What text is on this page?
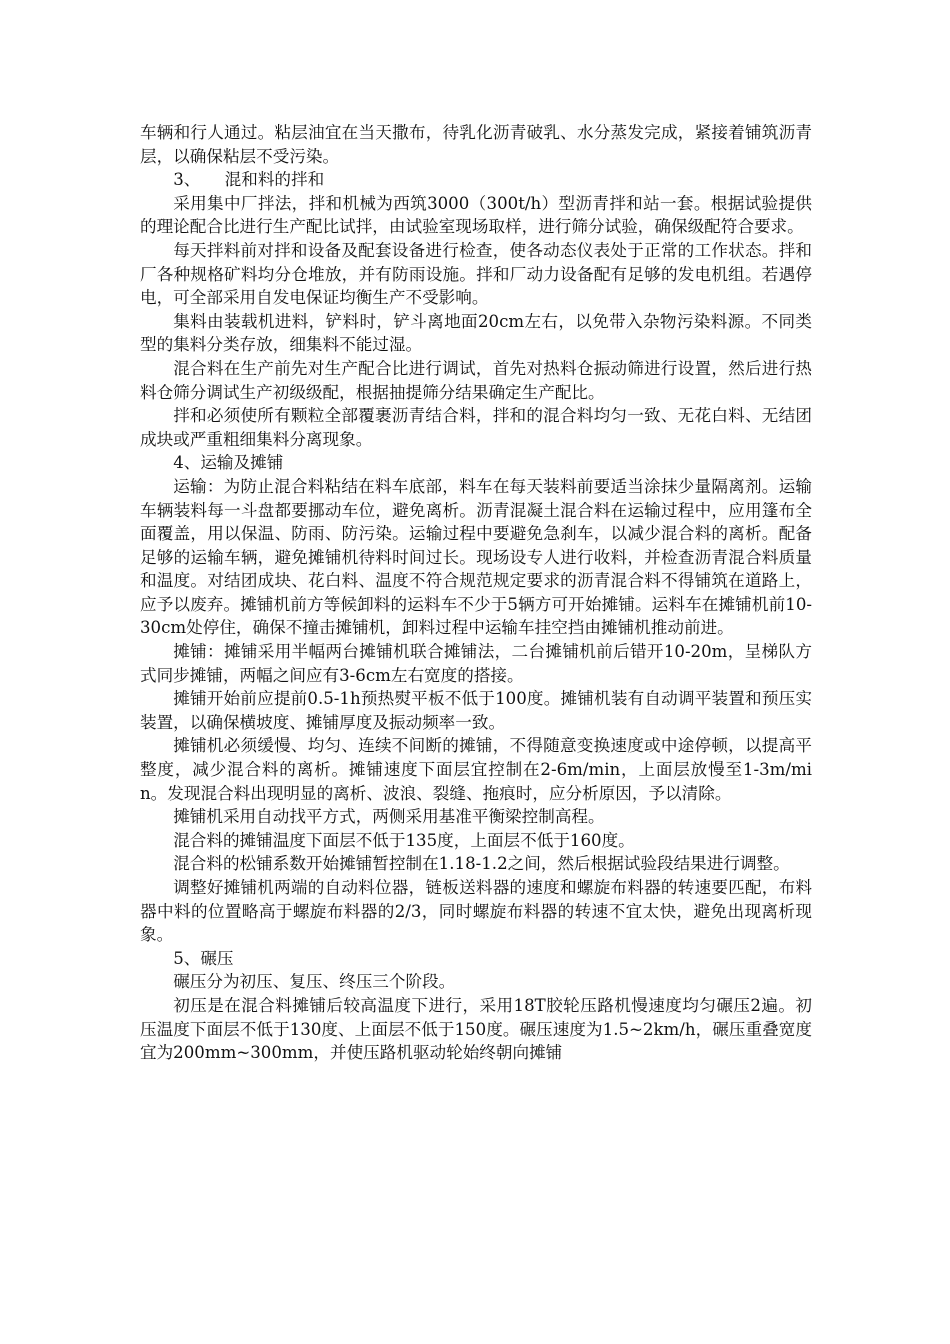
车辆和行人通过。粘层油宜在当天撒布，待乳化沥青破乳、水分蒸发完成，紧接着铺筑沥青层，以确保粘层不受污染。

3、 混和料的拌和

采用集中厂拌法，拌和机械为西筑3000（300t/h）型沥青拌和站一套。根据试验提供的理论配合比进行生产配比试拌，由试验室现场取样，进行筛分试验，确保级配符合要求。

每天拌料前对拌和设备及配套设备进行检查，使各动态仪表处于正常的工作状态。拌和厂各种规格矿料均分仓堆放，并有防雨设施。拌和厂动力设备配有足够的发电机组。若遇停电，可全部采用自发电保证均衡生产不受影响。

集料由装载机进料，铲料时，铲斗离地面20cm左右，以免带入杂物污染料源。不同类型的集料分类存放，细集料不能过湿。

混合料在生产前先对生产配合比进行调试，首先对热料仓振动筛进行设置，然后进行热料仓筛分调试生产初级级配，根据抽提筛分结果确定生产配比。

拌和必须使所有颗粒全部覆裹沥青结合料，拌和的混合料均匀一致、无花白料、无结团成块或严重粗细集料分离现象。

4、运输及摊铺

运输：为防止混合料粘结在料车底部，料车在每天装料前要适当涂抹少量隔离剂。运输车辆装料每一斗盘都要挪动车位，避免离析。沥青混凝土混合料在运输过程中，应用篷布全面覆盖，用以保温、防雨、防污染。运输过程中要避免急刹车，以减少混合料的离析。配备足够的运输车辆，避免摊铺机待料时间过长。现场设专人进行收料，并检查沥青混合料质量和温度。对结团成块、花白料、温度不符合规范规定要求的沥青混合料不得铺筑在道路上，应予以废弃。摊铺机前方等候卸料的运料车不少于5辆方可开始摊铺。运料车在摊铺机前10-30cm处停住，确保不撞击摊铺机，卸料过程中运输车挂空挡由摊铺机推动前进。

摊铺：摊铺采用半幅两台摊铺机联合摊铺法，二台摊铺机前后错开10-20m，呈梯队方式同步摊铺，两幅之间应有3-6cm左右宽度的搭接。

摊铺开始前应提前0.5-1h预热熨平板不低于100度。摊铺机装有自动调平装置和预压实装置，以确保横坡度、摊铺厚度及振动频率一致。

摊铺机必须缓慢、均匀、连续不间断的摊铺，不得随意变换速度或中途停顿，以提高平整度，减少混合料的离析。摊铺速度下面层宜控制在2-6m/min，上面层放慢至1-3m/min。发现混合料出现明显的离析、波浪、裂缝、拖痕时，应分析原因，予以清除。

摊铺机采用自动找平方式，两侧采用基准平衡梁控制高程。

混合料的摊铺温度下面层不低于135度，上面层不低于160度。

混合料的松铺系数开始摊铺暂控制在1.18-1.2之间，然后根据试验段结果进行调整。

调整好摊铺机两端的自动料位器，链板送料器的速度和螺旋布料器的转速要匹配，布料器中料的位置略高于螺旋布料器的2/3，同时螺旋布料器的转速不宜太快，避免出现离析现象。

5、碾压

碾压分为初压、复压、终压三个阶段。

初压是在混合料摊铺后较高温度下进行，采用18T胶轮压路机慢速度均匀碾压2遍。初压温度下面层不低于130度、上面层不低于150度。碾压速度为1.5~2km/h，碾压重叠宽度宜为200mm~300mm，并使压路机驱动轮始终朝向摊铺
